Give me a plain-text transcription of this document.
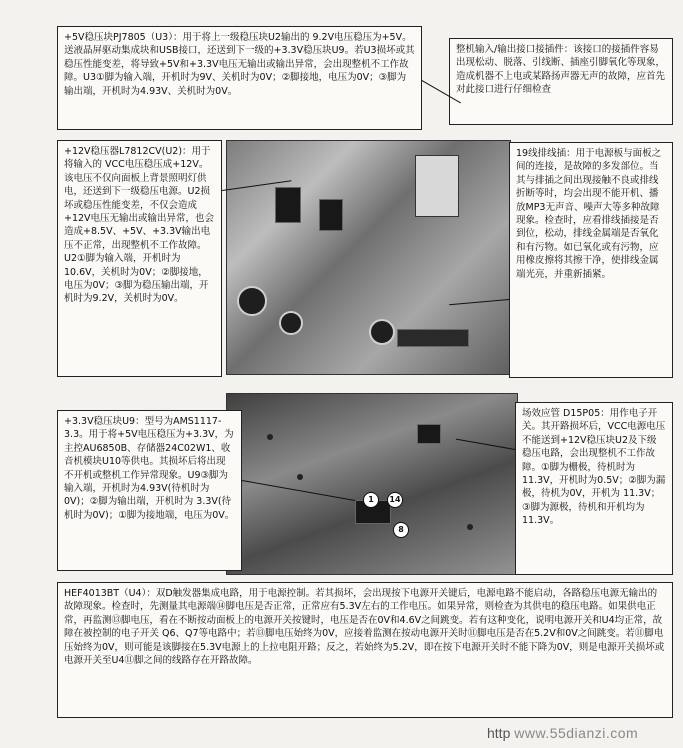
+5V稳压块PJ7805（U3）：用于将上一级稳压块U2输出的 9.2V电压稳压为+5V。送液晶屏驱动集成块和USB接口，还送到下一级的+3.3V稳压块U9。若U3损坏或其稳压性能变差，将导致+5V和+3.3V电压无输出或输出异常，会出现整机不工作故障。U3①脚为输入端，开机时为9V、关机时为0V；②脚接地，电压为0V；③脚为输出端，开机时为4.93V、关机时为0V。
整机输入/输出接口接插件：该接口的接插件容易出现松动、脱落、引线断、插座引脚氧化等现象，造成机器不上电或某路扬声器无声的故障，应首先对此接口进行仔细检查
+12V稳压器L7812CV(U2)：用于将输入的 VCC电压稳压成+12V。该电压不仅向面板上背景照明灯供电，还送到下一级稳压电源。U2损坏或稳压性能变差，不仅会造成+12V电压无输出或输出异常，也会造成+8.5V、+5V、+3.3V输出电压不正常，出现整机不工作故障。U2①脚为输入端，开机时为10.6V，关机时为0V；②脚接地，电压为0V；③脚为稳压输出端，开机时为9.2V，关机时为0V。
19线排线插：用于电源板与面板之间的连接，是故障的多发部位。当其与排插之间出现接触不良或排线折断等时，均会出现不能开机、播放MP3无声音、噪声大等多种故障现象。检查时，应看排线插接是否到位，松动，排线金属端是否氧化和有污物。如已氧化或有污物，应用橡皮擦将其擦干净，使排线金属端光亮，并重新插紧。
1	14
8
+3.3V稳压块U9：型号为AMS1117-3.3。用于将+5V电压稳压为+3.3V，为主控AU6850B、存储器24C02W1、收音机模块U10等供电。其损坏后将出现不开机或整机工作异常现象。U9③脚为输入端，开机时为4.93V(待机时为0V)；②脚为输出端，开机时为 3.3V(待机时为0V)；①脚为接地端，电压为0V。
场效应管 D15P05：用作电子开关。其开路损坏后，VCC电源电压不能送到+12V稳压块U2及下级稳压电路，会出现整机不工作故障。①脚为栅极，待机时为11.3V，开机时为0.5V；②脚为漏极，待机为0V，开机为 11.3V；③脚为源极，待机和开机均为11.3V。
HEF4013BT（U4）：双D触发器集成电路，用于电源控制。若其损坏，会出现按下电源开关键后，电源电路不能启动，各路稳压电源无输出的故障现象。检查时，先测量其电源端⑭脚电压是否正常，正常应有5.3V左右的工作电压。如果异常，则检查为其供电的稳压电路。如果供电正常，再监测⑬脚电压，看在不断按动面板上的电源开关按键时，电压是否在0V和4.6V之间跳变。若有这种变化，说明电源开关和U4均正常，故障在被控制的电子开关 Q6、Q7等电路中；若⑬脚电压始终为0V，应接着监测在按动电源开关时⑪脚电压是否在5.2V和0V之间跳变。若⑪脚电压始终为0V，则可能是该脚接在5.3V电源上的上拉电阻开路；反之，若始终为5.2V，即在按下电源开关时不能下降为0V，则是电源开关损坏或电源开关至U4⑪脚之间的线路存在开路故障。
http www.55dianzi.com
